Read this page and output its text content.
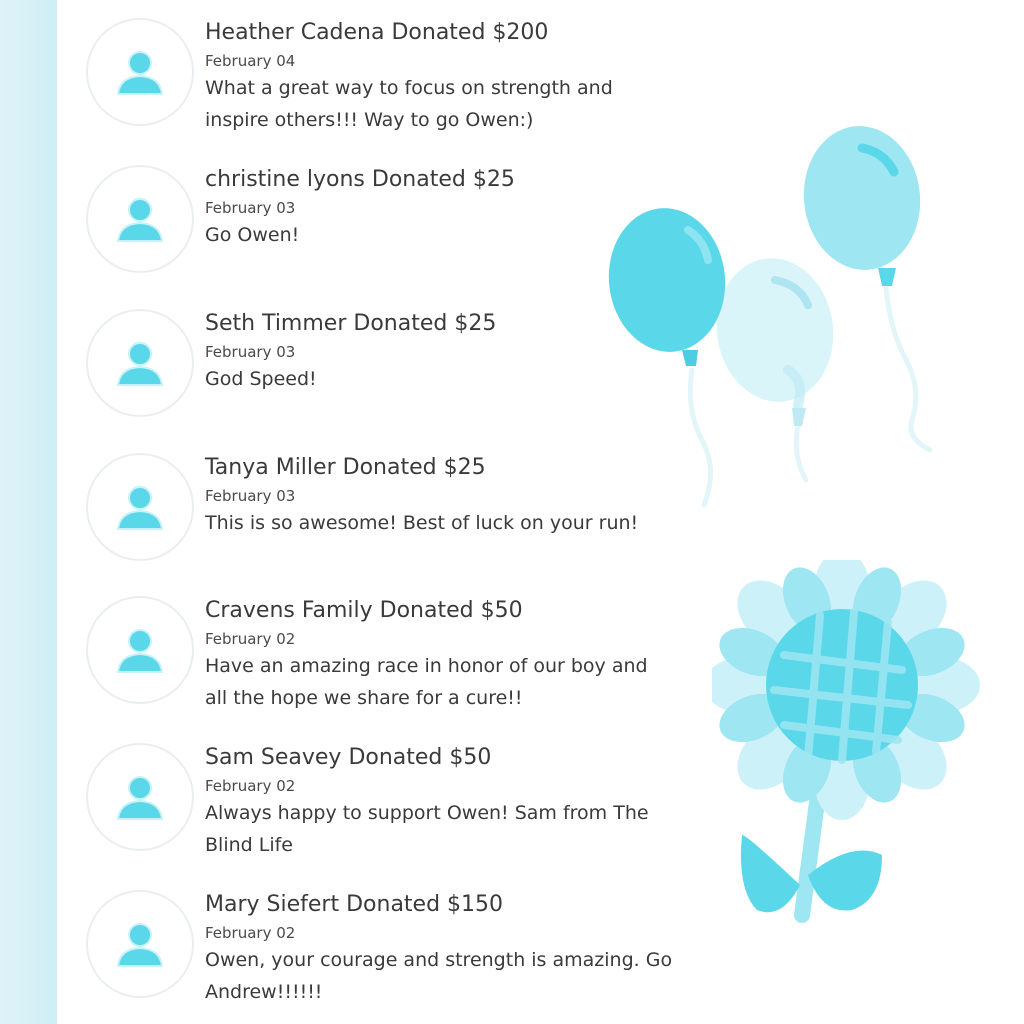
Heather Cadena Donated $200
February 04
What a great way to focus on strength and inspire others!!! Way to go Owen:)
christine lyons Donated $25
February 03
Go Owen!
Seth Timmer Donated $25
February 03
God Speed!
Tanya Miller Donated $25
February 03
This is so awesome! Best of luck on your run!
Cravens Family Donated $50
February 02
Have an amazing race in honor of our boy and all the hope we share for a cure!!
Sam Seavey Donated $50
February 02
Always happy to support Owen! Sam from The Blind Life
Mary Siefert Donated $150
February 02
Owen, your courage and strength is amazing. Go Andrew!!!!!!
